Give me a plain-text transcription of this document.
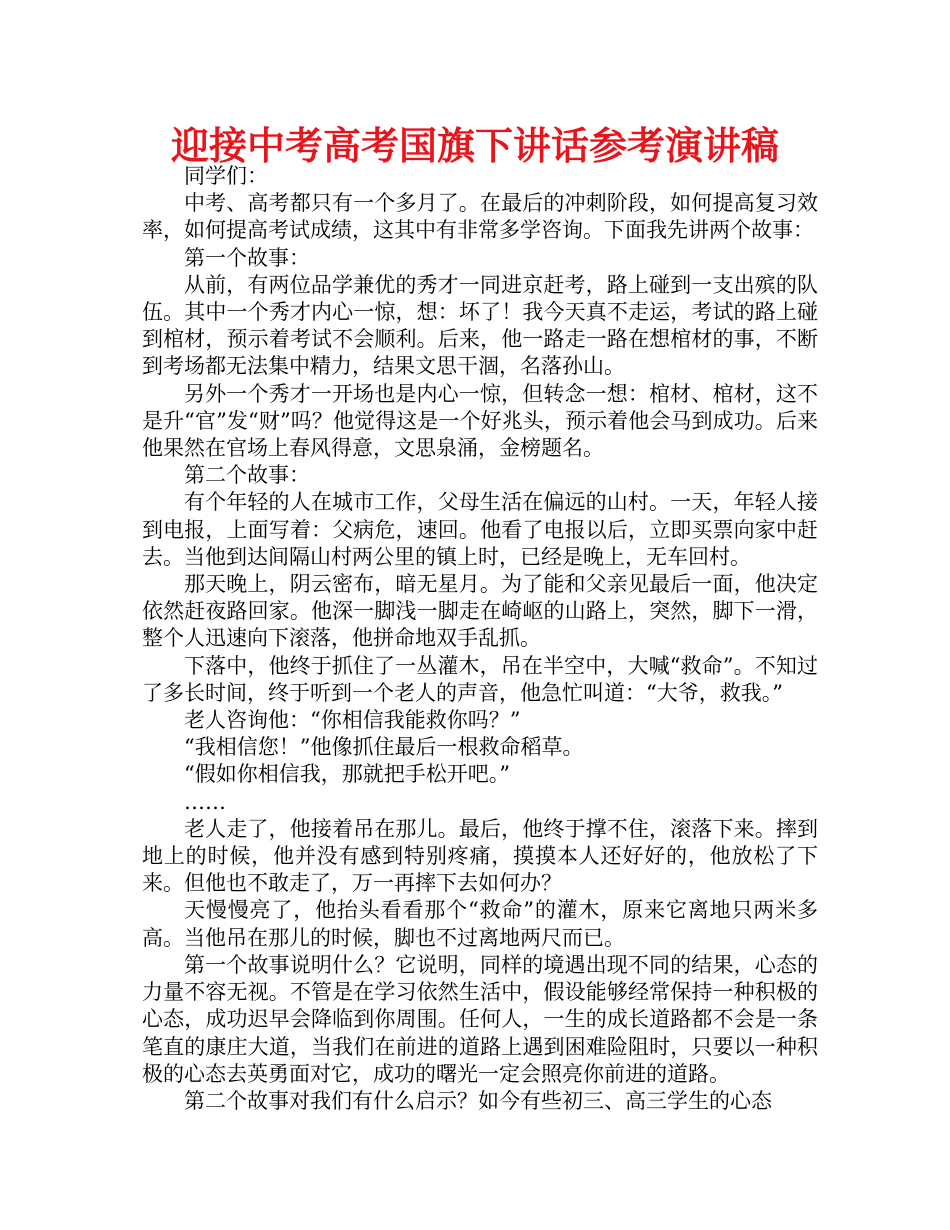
迎接中考高考国旗下讲话参考演讲稿

同学们：

中考、高考都只有一个多月了。在最后的冲刺阶段，如何提高复习效率，如何提高考试成绩，这其中有非常多学咨询。下面我先讲两个故事：

第一个故事：

从前，有两位品学兼优的秀才一同进京赶考，路上碰到一支出殡的队伍。其中一个秀才内心一惊，想：坏了！我今天真不走运，考试的路上碰到棺材，预示着考试不会顺利。后来，他一路走一路在想棺材的事，不断到考场都无法集中精力，结果文思干涸，名落孙山。

另外一个秀才一开场也是内心一惊，但转念一想：棺材、棺材，这不是升“官”发“财”吗？他觉得这是一个好兆头，预示着他会马到成功。后来他果然在官场上春风得意，文思泉涌，金榜题名。

第二个故事：

有个年轻的人在城市工作，父母生活在偏远的山村。一天，年轻人接到电报，上面写着：父病危，速回。他看了电报以后，立即买票向家中赶去。当他到达间隔山村两公里的镇上时，已经是晚上，无车回村。

那天晚上，阴云密布，暗无星月。为了能和父亲见最后一面，他决定依然赶夜路回家。他深一脚浅一脚走在崎岖的山路上，突然，脚下一滑，整个人迅速向下滚落，他拼命地双手乱抓。

下落中，他终于抓住了一丛灌木，吊在半空中，大喊“救命”。不知过了多长时间，终于听到一个老人的声音，他急忙叫道：“大爷，救我。”

老人咨询他：“你相信我能救你吗？”

“我相信您！”他像抓住最后一根救命稻草。

“假如你相信我，那就把手松开吧。”

……

老人走了，他接着吊在那儿。最后，他终于撑不住，滚落下来。摔到地上的时候，他并没有感到特别疼痛，摸摸本人还好好的，他放松了下来。但他也不敢走了，万一再摔下去如何办？

天慢慢亮了，他抬头看看那个“救命”的灌木，原来它离地只两米多高。当他吊在那儿的时候，脚也不过离地两尺而已。

第一个故事说明什么？它说明，同样的境遇出现不同的结果，心态的力量不容无视。不管是在学习依然生活中，假设能够经常保持一种积极的心态，成功迟早会降临到你周围。任何人，一生的成长道路都不会是一条笔直的康庄大道，当我们在前进的道路上遇到困难险阻时，只要以一种积极的心态去英勇面对它，成功的曙光一定会照亮你前进的道路。

第二个故事对我们有什么启示？如今有些初三、高三学生的心态
